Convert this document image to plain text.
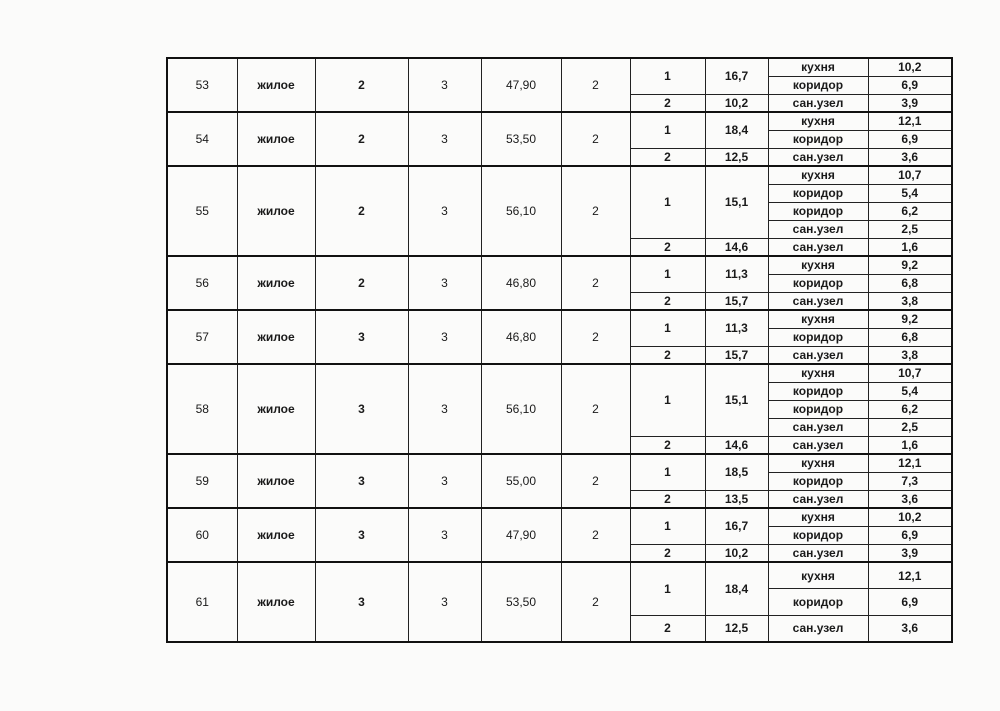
53	жилое	2	3	47,90	2	1	16,7	кухня	10,2
								коридор	6,9
						2	10,2	сан.узел	3,9
54	жилое	2	3	53,50	2	1	18,4	кухня	12,1
								коридор	6,9
						2	12,5	сан.узел	3,6
55	жилое	2	3	56,10	2	1	15,1	кухня	10,7
								коридор	5,4
								коридор	6,2
								сан.узел	2,5
						2	14,6	сан.узел	1,6
56	жилое	2	3	46,80	2	1	11,3	кухня	9,2
								коридор	6,8
						2	15,7	сан.узел	3,8
57	жилое	3	3	46,80	2	1	11,3	кухня	9,2
								коридор	6,8
						2	15,7	сан.узел	3,8
58	жилое	3	3	56,10	2	1	15,1	кухня	10,7
								коридор	5,4
								коридор	6,2
								сан.узел	2,5
						2	14,6	сан.узел	1,6
59	жилое	3	3	55,00	2	1	18,5	кухня	12,1
								коридор	7,3
						2	13,5	сан.узел	3,6
60	жилое	3	3	47,90	2	1	16,7	кухня	10,2
								коридор	6,9
						2	10,2	сан.узел	3,9
61	жилое	3	3	53,50	2	1	18,4	кухня	12,1
								коридор	6,9
						2	12,5	сан.узел	3,6
